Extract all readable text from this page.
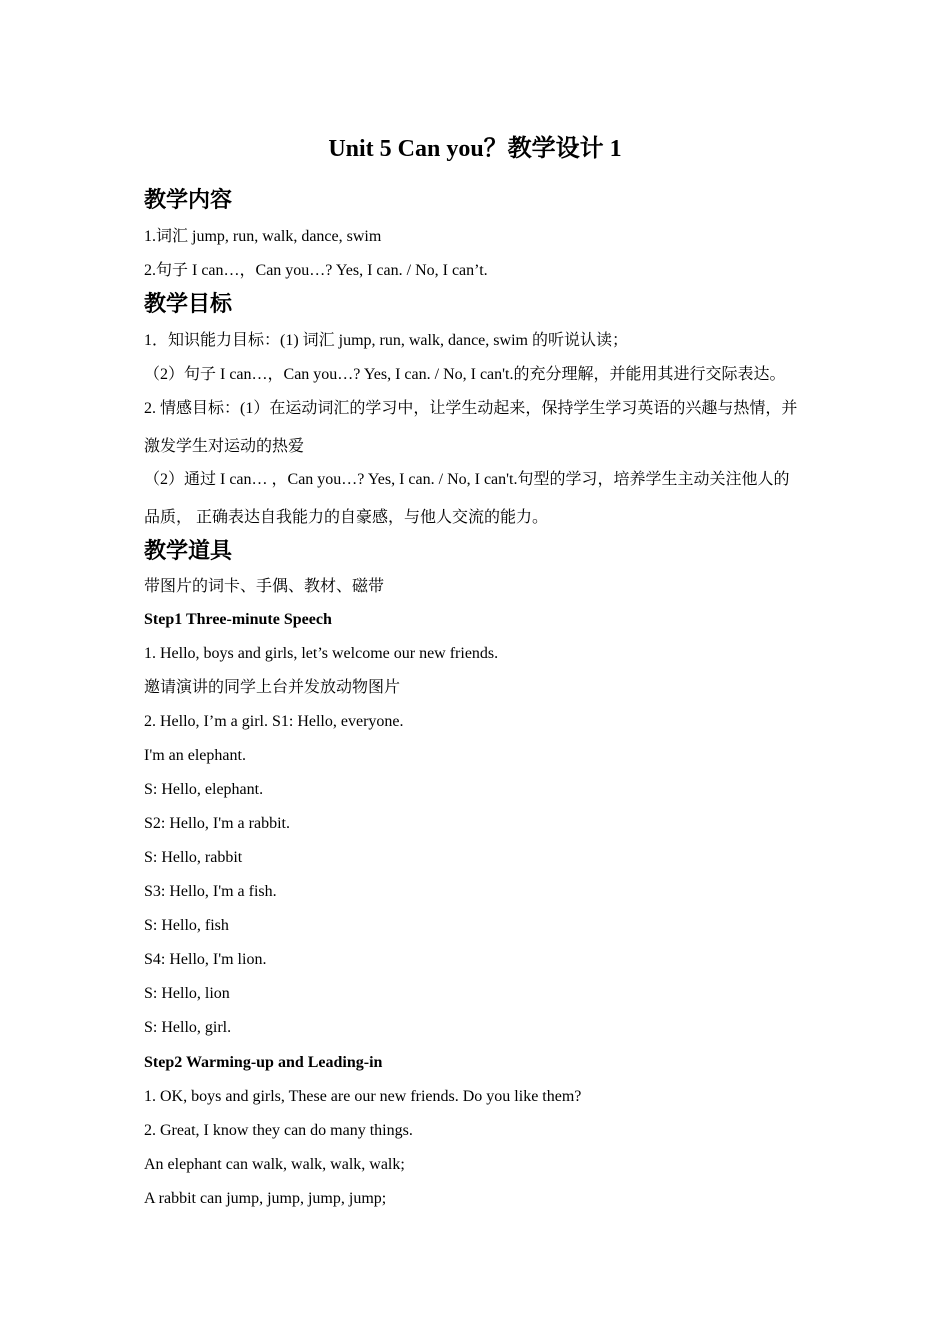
Unit 5 Can you？教学设计 1
教学内容
1.词汇 jump, run, walk, dance, swim
2.句子 I can…，Can you…? Yes, I can. / No, I can’t.
教学目标
1．知识能力目标：(1) 词汇 jump, run, walk, dance, swim 的听说认读；
（2）句子 I can…，Can you…? Yes, I can. / No, I can't.的充分理解，并能用其进行交际表达。
2. 情感目标：(1）在运动词汇的学习中，让学生动起来，保持学生学习英语的兴趣与热情，并
激发学生对运动的热爱
（2）通过 I can… ，Can you…? Yes, I can. / No, I can't.句型的学习，培养学生主动关注他人的
品质， 正确表达自我能力的自豪感，与他人交流的能力。
教学道具
带图片的词卡、手偶、教材、磁带
Step1 Three-minute Speech
1. Hello, boys and girls, let’s welcome our new friends.
邀请演讲的同学上台并发放动物图片
2. Hello, I’m a girl. S1: Hello, everyone.
I'm an elephant.
S: Hello, elephant.
S2: Hello, I'm a rabbit.
S: Hello, rabbit
S3: Hello, I'm a fish.
S: Hello, fish
S4: Hello, I'm lion.
S: Hello, lion
S: Hello, girl.
Step2 Warming-up and Leading-in
1. OK, boys and girls, These are our new friends. Do you like them?
2. Great, I know they can do many things.
An elephant can walk, walk, walk, walk;
A rabbit can jump, jump, jump, jump;
